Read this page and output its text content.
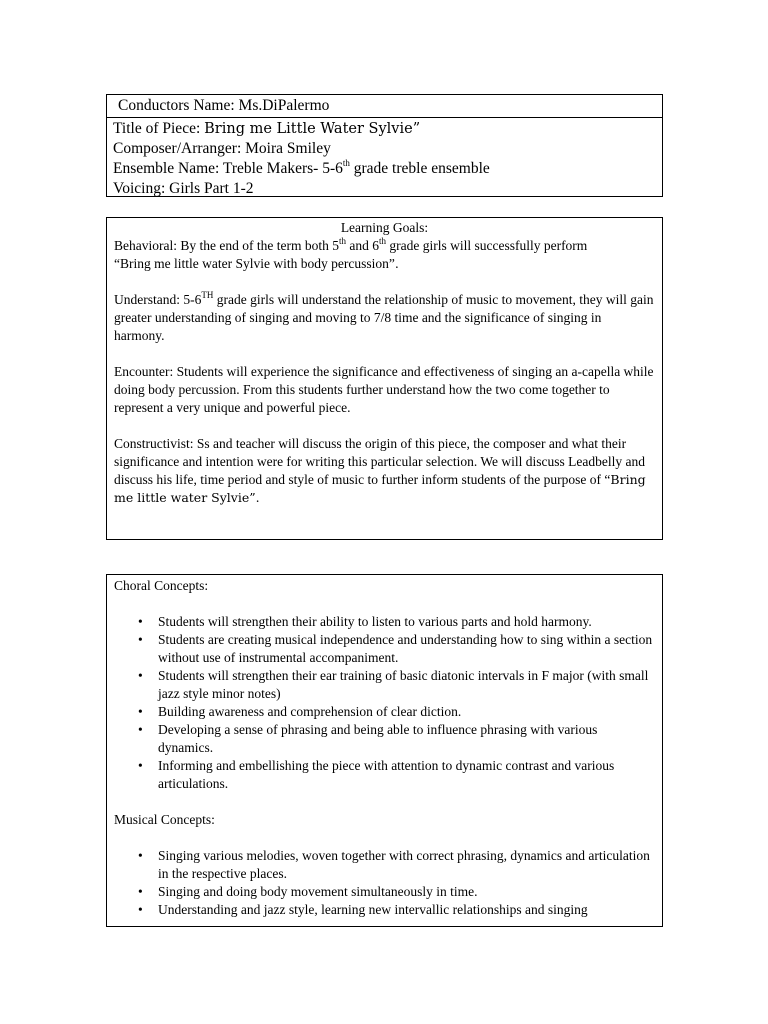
Conductors Name: Ms.DiPalermo
Title of Piece: Bring me Little Water Sylvie”
Composer/Arranger: Moira Smiley
Ensemble Name: Treble Makers- 5-6th grade treble ensemble
Voicing: Girls Part 1-2
Learning Goals:

Behavioral: By the end of the term both 5th and 6th grade girls will successfully perform
“Bring me little water Sylvie with body percussion”.

Understand: 5-6TH grade girls will understand the relationship of music to movement, they will gain greater understanding of singing and moving to 7/8 time and the significance of singing in harmony.

Encounter: Students will experience the significance and effectiveness of singing an a-capella while doing body percussion. From this students further understand how the two come together to represent a very unique and powerful piece.

Constructivist: Ss and teacher will discuss the origin of this piece, the composer and what their significance and intention were for writing this particular selection. We will discuss Leadbelly and discuss his life, time period and style of music to further inform students of the purpose of “Bring me little water Sylvie”.

Choral Concepts:
• Students will strengthen their ability to listen to various parts and hold harmony.
• Students are creating musical independence and understanding how to sing within a section without use of instrumental accompaniment.
• Students will strengthen their ear training of basic diatonic intervals in F major (with small jazz style minor notes)
• Building awareness and comprehension of clear diction.
• Developing a sense of phrasing and being able to influence phrasing with various dynamics.
• Informing and embellishing the piece with attention to dynamic contrast and various articulations.
Musical Concepts:
• Singing various melodies, woven together with correct phrasing, dynamics and articulation in the respective places.
• Singing and doing body movement simultaneously in time.
• Understanding and jazz style, learning new intervallic relationships and singing
